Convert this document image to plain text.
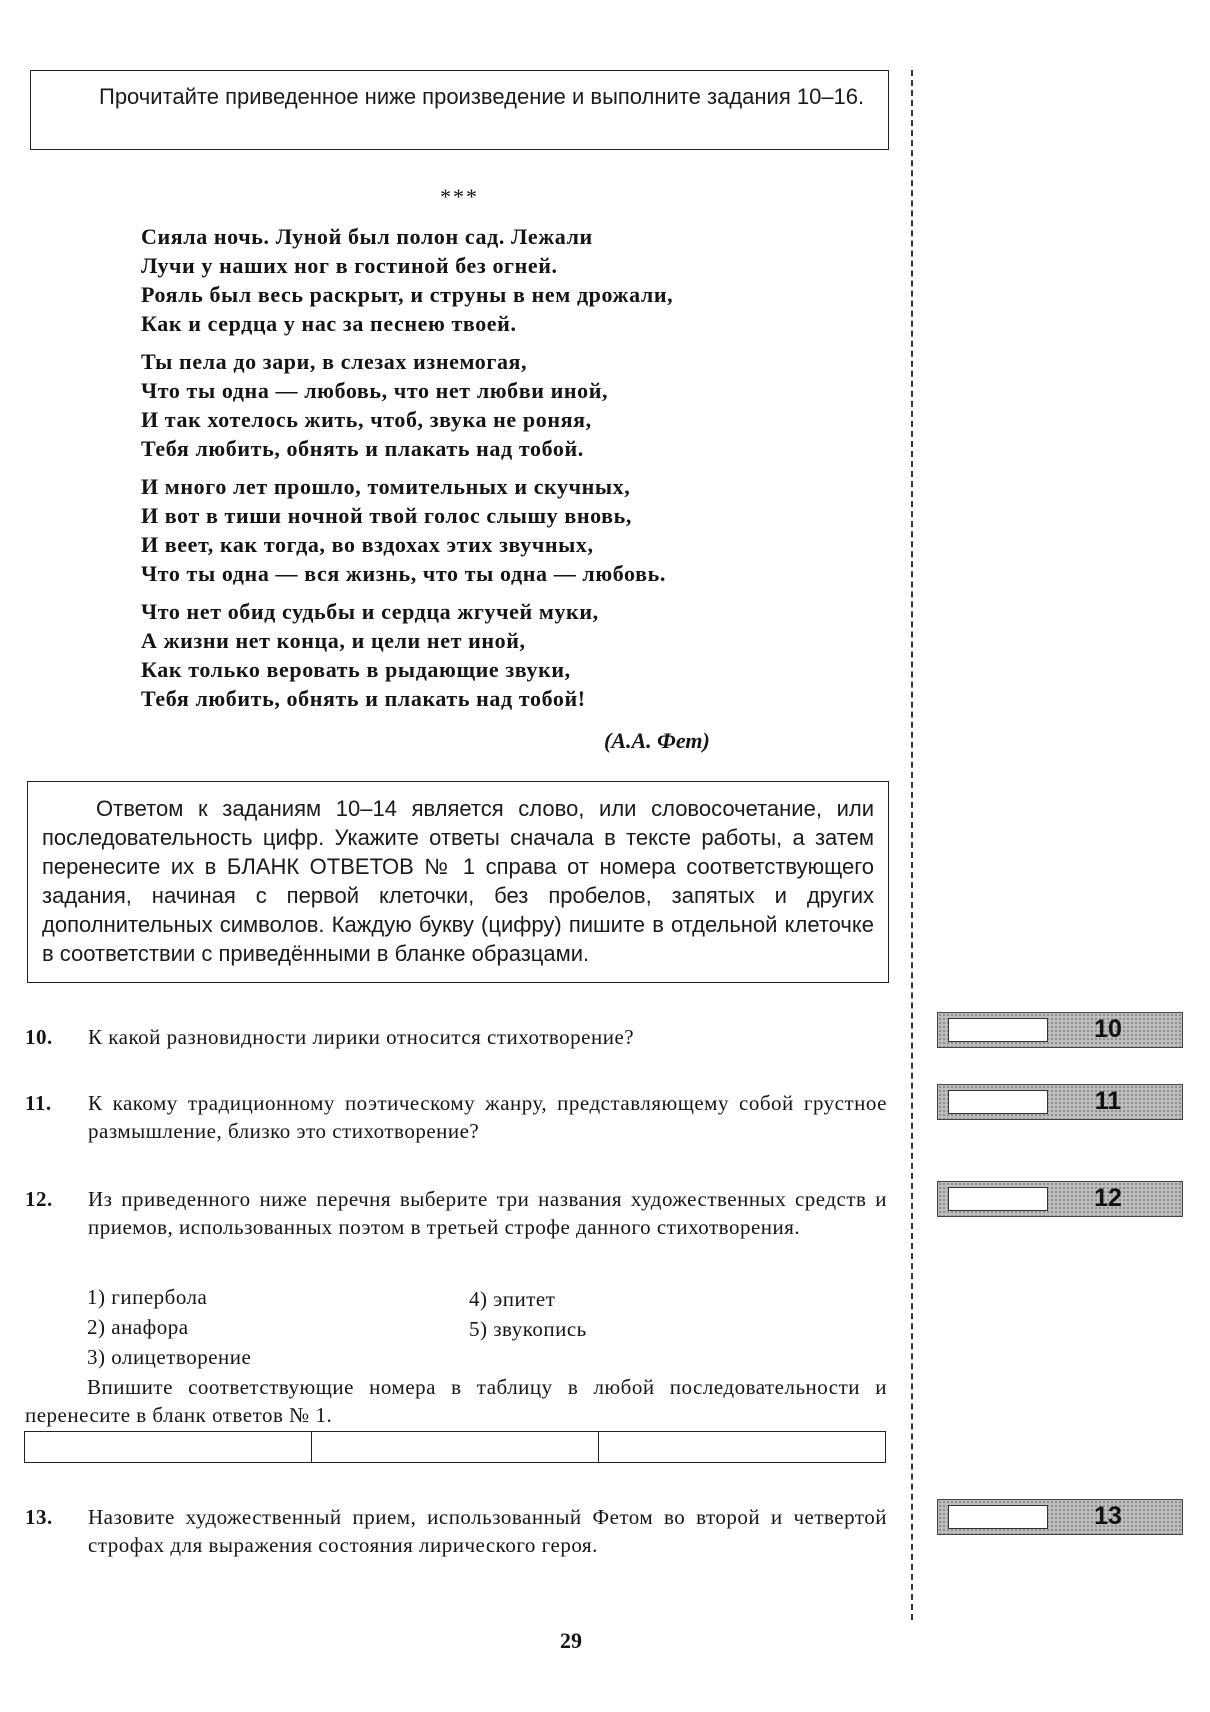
Прочитайте приведенное ниже произведение и выполните задания 10–16.

***
Сияла ночь. Луной был полон сад. Лежали
Лучи у наших ног в гостиной без огней.
Рояль был весь раскрыт, и струны в нем дрожали,
Как и сердца у нас за песнею твоей.
Ты пела до зари, в слезах изнемогая,
Что ты одна — любовь, что нет любви иной,
И так хотелось жить, чтоб, звука не роняя,
Тебя любить, обнять и плакать над тобой.
И много лет прошло, томительных и скучных,
И вот в тиши ночной твой голос слышу вновь,
И веет, как тогда, во вздохах этих звучных,
Что ты одна — вся жизнь, что ты одна — любовь.
Что нет обид судьбы и сердца жгучей муки,
А жизни нет конца, и цели нет иной,
Как только веровать в рыдающие звуки,
Тебя любить, обнять и плакать над тобой!
(А.А. Фет)

Ответом к заданиям 10–14 является слово, или словосочетание, или последовательность цифр. Укажите ответы сначала в тексте работы, а затем перенесите их в БЛАНК ОТВЕТОВ № 1 справа от номера соответствующего задания, начиная с первой клеточки, без пробелов, запятых и других дополнительных символов. Каждую букву (цифру) пишите в отдельной клеточке в соответствии с приведёнными в бланке образцами.

10. К какой разновидности лирики относится стихотворение?
11. К какому традиционному поэтическому жанру, представляющему собой грустное размышление, близко это стихотворение?
12. Из приведенного ниже перечня выберите три названия художественных средств и приемов, использованных поэтом в третьей строфе данного стихотворения.
1) гипербола
2) анафора
3) олицетворение
4) эпитет
5) звукопись
Впишите соответствующие номера в таблицу в любой последовательности и перенесите в бланк ответов № 1.
13. Назовите художественный прием, использованный Фетом во второй и четвертой строфах для выражения состояния лирического героя.
10
11
12
13
29
